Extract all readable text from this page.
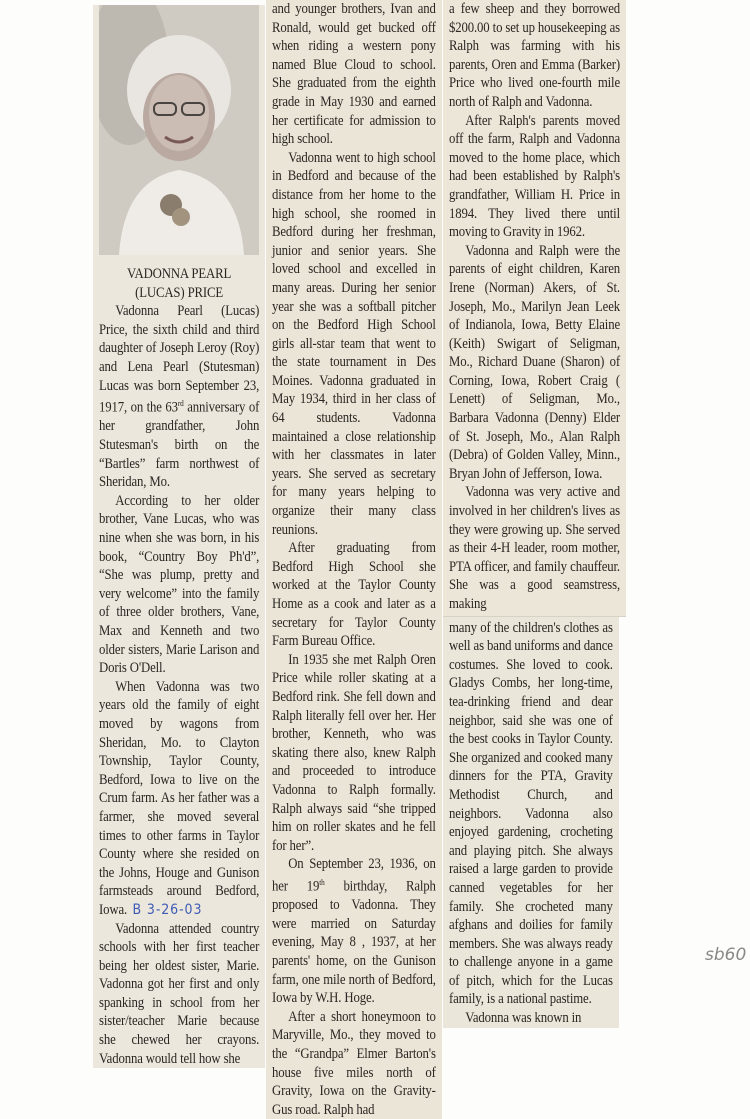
VADONNA PEARL
(LUCAS) PRICE

Vadonna Pearl (Lucas) Price, the sixth child and third daughter of Joseph Leroy (Roy) and Lena Pearl (Stutesman) Lucas was born September 23, 1917, on the 63rd anniversary of her grandfather, John Stutesman's birth on the “Bartles” farm northwest of Sheridan, Mo.

According to her older brother, Vane Lucas, who was nine when she was born, in his book, “Country Boy Ph'd”, “She was plump, pretty and very welcome” into the family of three older brothers, Vane, Max and Kenneth and two older sisters, Marie Larison and Doris O'Dell.

When Vadonna was two years old the family of eight moved by wagons from Sheridan, Mo. to Clayton Township, Taylor County, Bedford, Iowa to live on the Crum farm. As her father was a farmer, she moved several times to other farms in Taylor County where she resided on the Johns, Houge and Gunison farmsteads around Bedford, Iowa. B 3-26-03

Vadonna attended country schools with her first teacher being her oldest sister, Marie. Vadonna got her first and only spanking in school from her sister/teacher Marie because she chewed her crayons. Vadonna would tell how she

and younger brothers, Ivan and Ronald, would get bucked off when riding a western pony named Blue Cloud to school. She graduated from the eighth grade in May 1930 and earned her certificate for admission to high school.

Vadonna went to high school in Bedford and because of the distance from her home to the high school, she roomed in Bedford during her freshman, junior and senior years. She loved school and excelled in many areas. During her senior year she was a softball pitcher on the Bedford High School girls all-star team that went to the state tournament in Des Moines. Vadonna graduated in May 1934, third in her class of 64 students. Vadonna maintained a close relationship with her classmates in later years. She served as secretary for many years helping to organize their many class reunions.

After graduating from Bedford High School she worked at the Taylor County Home as a cook and later as a secretary for Taylor County Farm Bureau Office.

In 1935 she met Ralph Oren Price while roller skating at a Bedford rink. She fell down and Ralph literally fell over her. Her brother, Kenneth, who was skating there also, knew Ralph and proceeded to introduce Vadonna to Ralph formally. Ralph always said “she tripped him on roller skates and he fell for her”.

On September 23, 1936, on her 19th birthday, Ralph proposed to Vadonna. They were married on Saturday evening, May 8 , 1937, at her parents' home, on the Gunison farm, one mile north of Bedford, Iowa by W.H. Hoge.

After a short honeymoon to Maryville, Mo., they moved to the “Grandpa” Elmer Barton's house five miles north of Gravity, Iowa on the Gravity-Gus road. Ralph had

a few sheep and they borrowed $200.00 to set up housekeeping as Ralph was farming with his parents, Oren and Emma (Barker) Price who lived one-fourth mile north of Ralph and Vadonna.

After Ralph's parents moved off the farm, Ralph and Vadonna moved to the home place, which had been established by Ralph's grandfather, William H. Price in 1894. They lived there until moving to Gravity in 1962.

Vadonna and Ralph were the parents of eight children, Karen Irene (Norman) Akers, of St. Joseph, Mo., Marilyn Jean Leek of Indianola, Iowa, Betty Elaine (Keith) Swigart of Seligman, Mo., Richard Duane (Sharon) of Corning, Iowa, Robert Craig ( Lenett) of Seligman, Mo., Barbara Vadonna (Denny) Elder of St. Joseph, Mo., Alan Ralph (Debra) of Golden Valley, Minn., Bryan John of Jefferson, Iowa.

Vadonna was very active and involved in her children's lives as they were growing up. She served as their 4-H leader, room mother, PTA officer, and family chauffeur. She was a good seamstress, making

many of the children's clothes as well as band uniforms and dance costumes. She loved to cook. Gladys Combs, her long-time, tea-drinking friend and dear neighbor, said she was one of the best cooks in Taylor County. She organized and cooked many dinners for the PTA, Gravity Methodist Church, and neighbors. Vadonna also enjoyed gardening, crocheting and playing pitch. She always raised a large garden to provide canned vegetables for her family. She crocheted many afghans and doilies for family members. She was always ready to challenge anyone in a game of pitch, which for the Lucas family, is a national pastime.

Vadonna was known in

sb60
